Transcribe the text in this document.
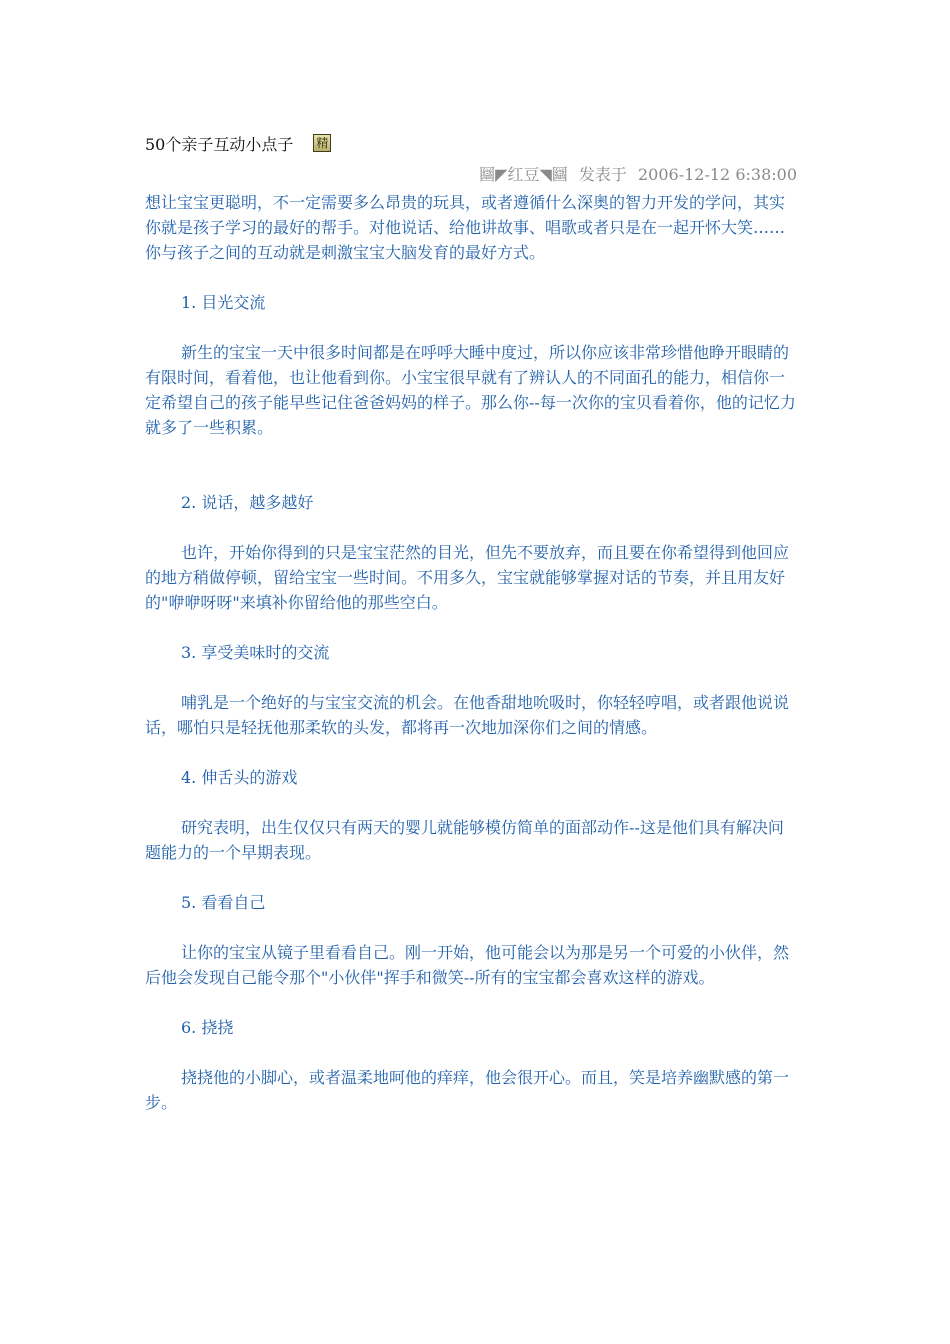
50个亲子互动小点子 精
圝◤红豆◥圝 发表于 2006-12-12 6:38:00

想让宝宝更聪明，不一定需要多么昂贵的玩具，或者遵循什么深奥的智力开发的学问，其实你就是孩子学习的最好的帮手。对他说话、给他讲故事、唱歌或者只是在一起开怀大笑……你与孩子之间的互动就是刺激宝宝大脑发育的最好方式。

1. 目光交流

新生的宝宝一天中很多时间都是在呼呼大睡中度过，所以你应该非常珍惜他睁开眼睛的有限时间，看着他，也让他看到你。小宝宝很早就有了辨认人的不同面孔的能力，相信你一定希望自己的孩子能早些记住爸爸妈妈的样子。那么你--每一次你的宝贝看着你，他的记忆力就多了一些积累。

2. 说话，越多越好

也许，开始你得到的只是宝宝茫然的目光，但先不要放弃，而且要在你希望得到他回应的地方稍做停顿，留给宝宝一些时间。不用多久，宝宝就能够掌握对话的节奏，并且用友好的"咿咿呀呀"来填补你留给他的那些空白。

3. 享受美味时的交流

哺乳是一个绝好的与宝宝交流的机会。在他香甜地吮吸时，你轻轻哼唱，或者跟他说说话，哪怕只是轻抚他那柔软的头发，都将再一次地加深你们之间的情感。

4. 伸舌头的游戏

研究表明，出生仅仅只有两天的婴儿就能够模仿简单的面部动作--这是他们具有解决问题能力的一个早期表现。

5. 看看自己

让你的宝宝从镜子里看看自己。刚一开始，他可能会以为那是另一个可爱的小伙伴，然后他会发现自己能令那个"小伙伴"挥手和微笑--所有的宝宝都会喜欢这样的游戏。

6. 挠挠

挠挠他的小脚心，或者温柔地呵他的痒痒，他会很开心。而且，笑是培养幽默感的第一步。
